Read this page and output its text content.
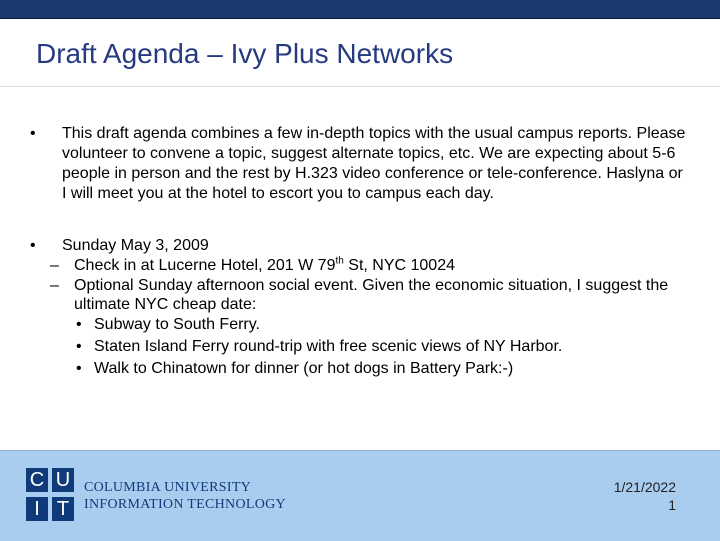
Draft Agenda – Ivy Plus Networks
• This draft agenda combines a few in-depth topics with the usual campus reports. Please volunteer to convene a topic, suggest alternate topics, etc. We are expecting about 5-6 people in person and the rest by H.323 video conference or tele-conference. Haslyna or I will meet you at the hotel to escort you to campus each day.
• Sunday May 3, 2009
– Check in at Lucerne Hotel, 201 W 79th St, NYC 10024
– Optional Sunday afternoon social event. Given the economic situation, I suggest the ultimate NYC cheap date:
• Subway to South Ferry.
• Staten Island Ferry round-trip with free scenic views of NY Harbor.
• Walk to Chinatown for dinner (or hot dogs in Battery Park:-)
C U
I T
COLUMBIA UNIVERSITY
INFORMATION TECHNOLOGY
1/21/2022
1
